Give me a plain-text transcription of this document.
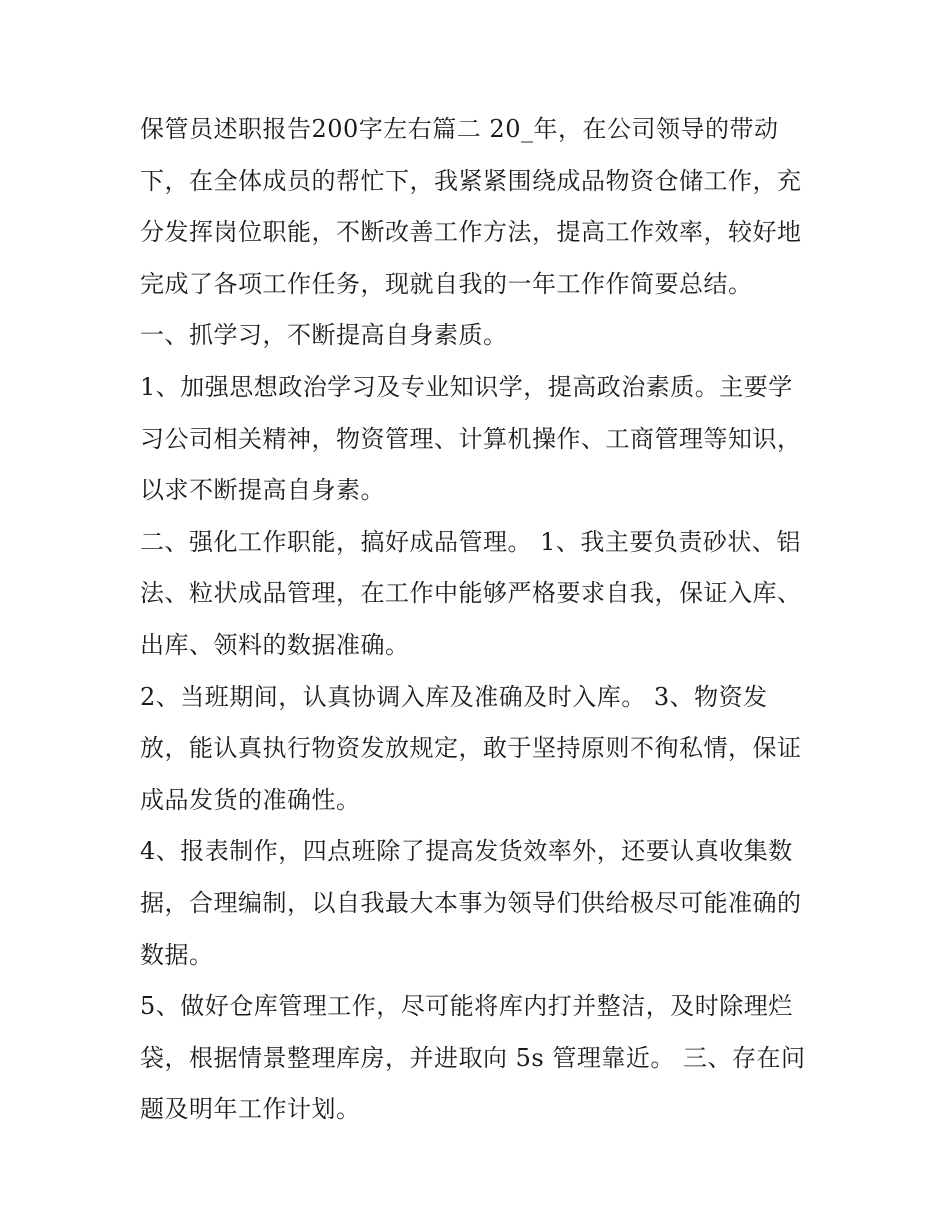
保管员述职报告200字左右篇二 20_年，在公司领导的带动
下，在全体成员的帮忙下，我紧紧围绕成品物资仓储工作，充
分发挥岗位职能，不断改善工作方法，提高工作效率，较好地
完成了各项工作任务，现就自我的一年工作作简要总结。
一、抓学习，不断提高自身素质。
1、加强思想政治学习及专业知识学，提高政治素质。主要学
习公司相关精神，物资管理、计算机操作、工商管理等知识，
以求不断提高自身素。
二、强化工作职能，搞好成品管理。 1、我主要负责砂状、铝
法、粒状成品管理，在工作中能够严格要求自我，保证入库、
出库、领料的数据准确。
2、当班期间，认真协调入库及准确及时入库。 3、物资发
放，能认真执行物资发放规定，敢于坚持原则不徇私情，保证
成品发货的准确性。
4、报表制作，四点班除了提高发货效率外，还要认真收集数
据，合理编制，以自我最大本事为领导们供给极尽可能准确的
数据。
5、做好仓库管理工作，尽可能将库内打并整洁，及时除理烂
袋，根据情景整理库房，并进取向 5s 管理靠近。 三、存在问
题及明年工作计划。
